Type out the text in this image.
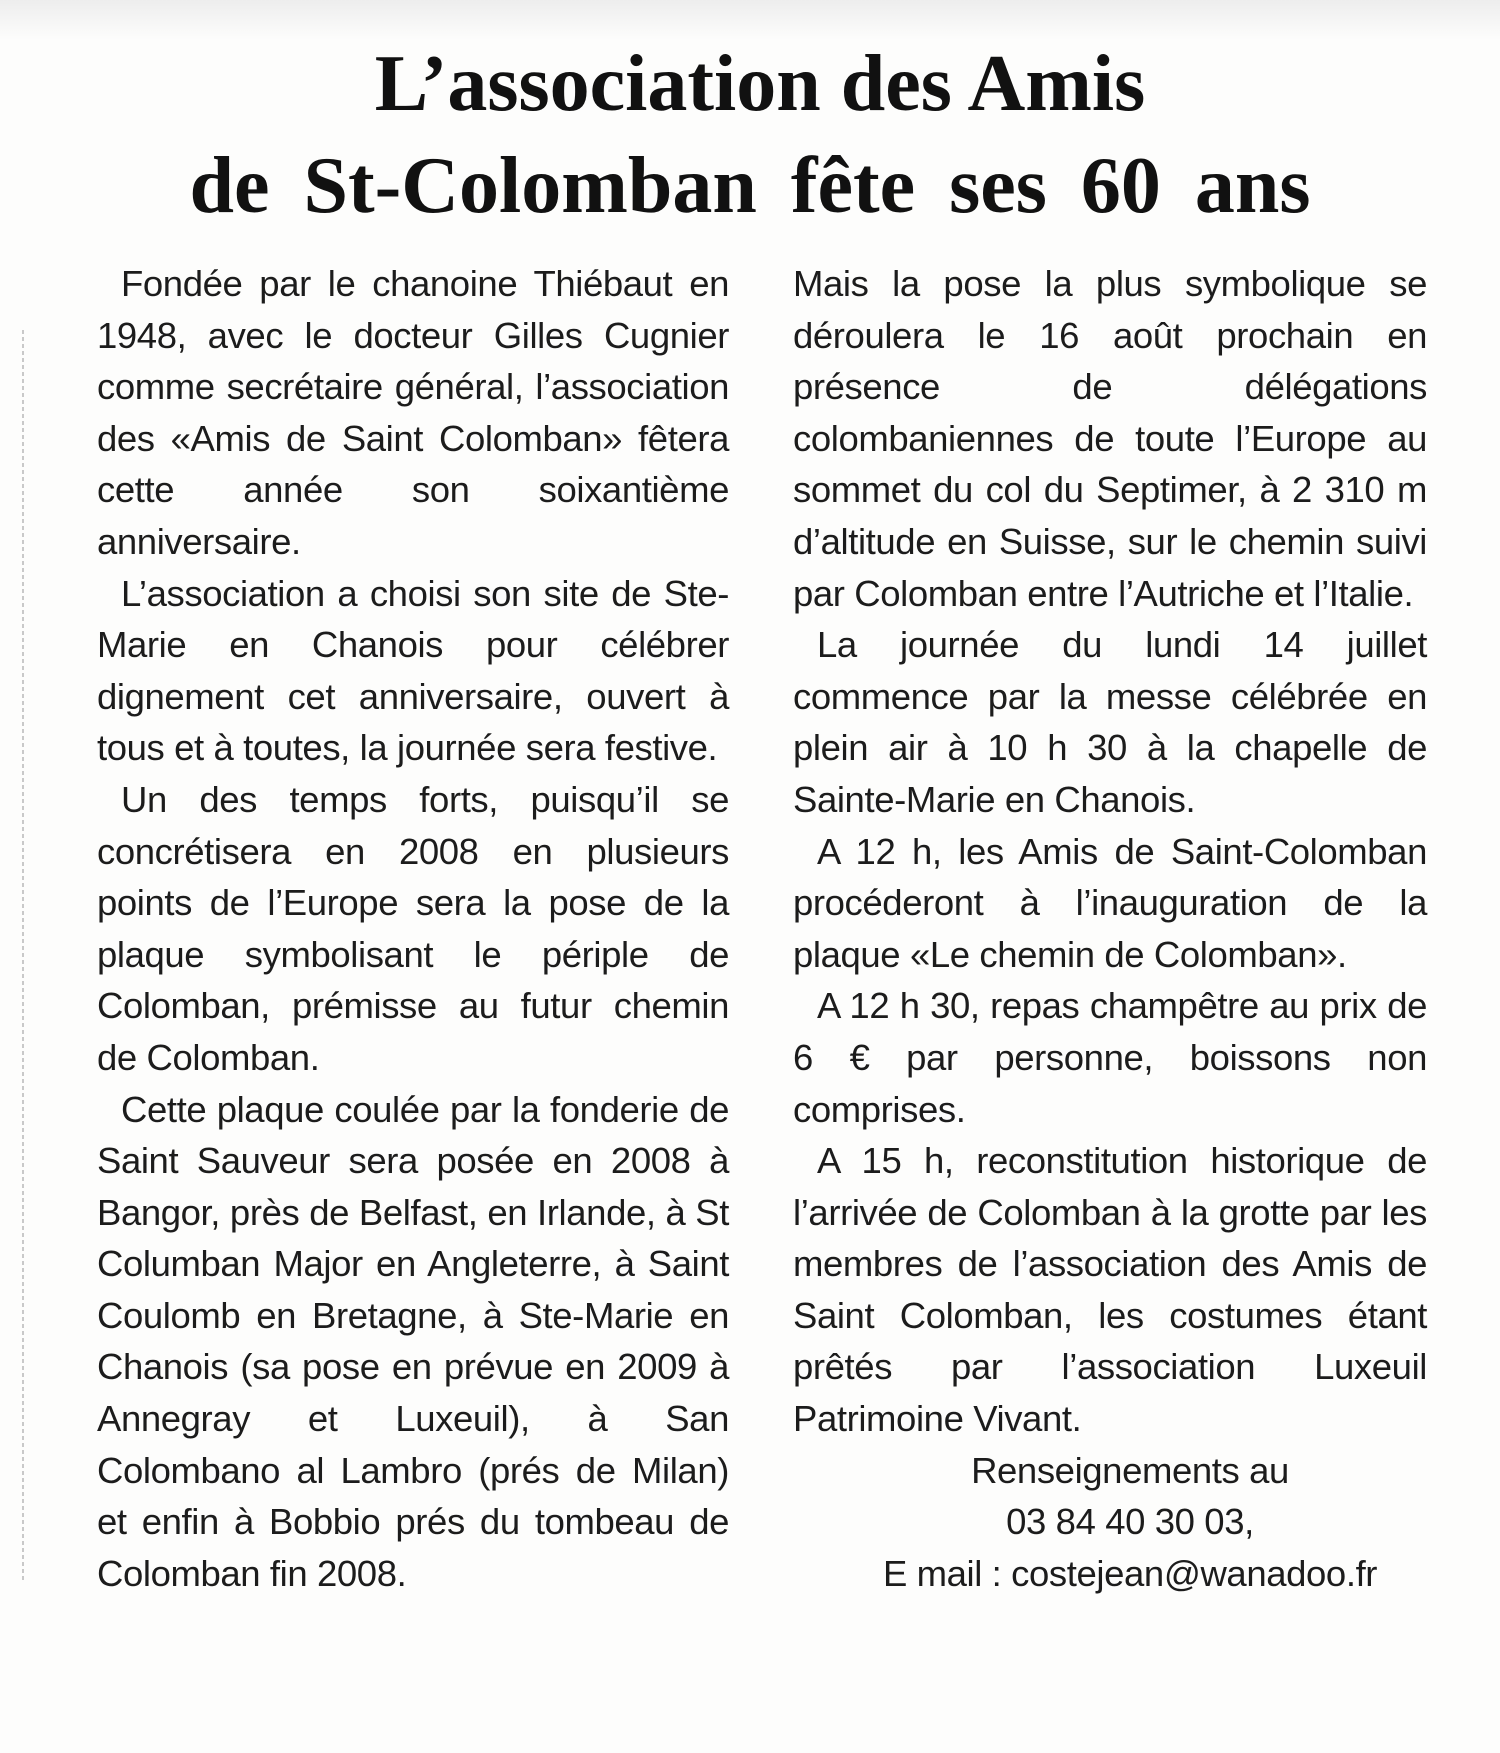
L’association des Amis
de St-Colomban fête ses 60 ans

Fondée par le chanoine Thiébaut en 1948, avec le docteur Gilles Cugnier comme secrétaire général, l’association des «Amis de Saint Colomban» fêtera cette année son soixantième anniversaire.

L’association a choisi son site de Ste-Marie en Chanois pour célébrer dignement cet anniversaire, ouvert à tous et à toutes, la journée sera festive.

Un des temps forts, puisqu’il se concrétisera en 2008 en plusieurs points de l’Europe sera la pose de la plaque symbolisant le périple de Colomban, prémisse au futur chemin de Colomban.

Cette plaque coulée par la fonderie de Saint Sauveur sera posée en 2008 à Bangor, près de Belfast, en Irlande, à St Columban Major en Angleterre, à Saint Coulomb en Bretagne, à Ste-Marie en Chanois (sa pose en prévue en 2009 à Annegray et Luxeuil), à San Colombano al Lambro (prés de Milan) et enfin à Bobbio prés du tombeau de Colomban fin 2008.

Mais la pose la plus symbolique se déroulera le 16 août prochain en présence de délégations colombaniennes de toute l’Europe au sommet du col du Septimer, à 2 310 m d’altitude en Suisse, sur le chemin suivi par Colomban entre l’Autriche et l’Italie.

La journée du lundi 14 juillet commence par la messe célébrée en plein air à 10 h 30 à la chapelle de Sainte-Marie en Chanois.

A 12 h, les Amis de Saint-Colomban procéderont à l’inauguration de la plaque «Le chemin de Colomban».

A 12 h 30, repas champêtre au prix de 6 € par personne, boissons non comprises.

A 15 h, reconstitution historique de l’arrivée de Colomban à la grotte par les membres de l’association des Amis de Saint Colomban, les costumes étant prêtés par l’association Luxeuil Patrimoine Vivant.

Renseignements au
03 84 40 30 03,
E mail : costejean@wanadoo.fr
